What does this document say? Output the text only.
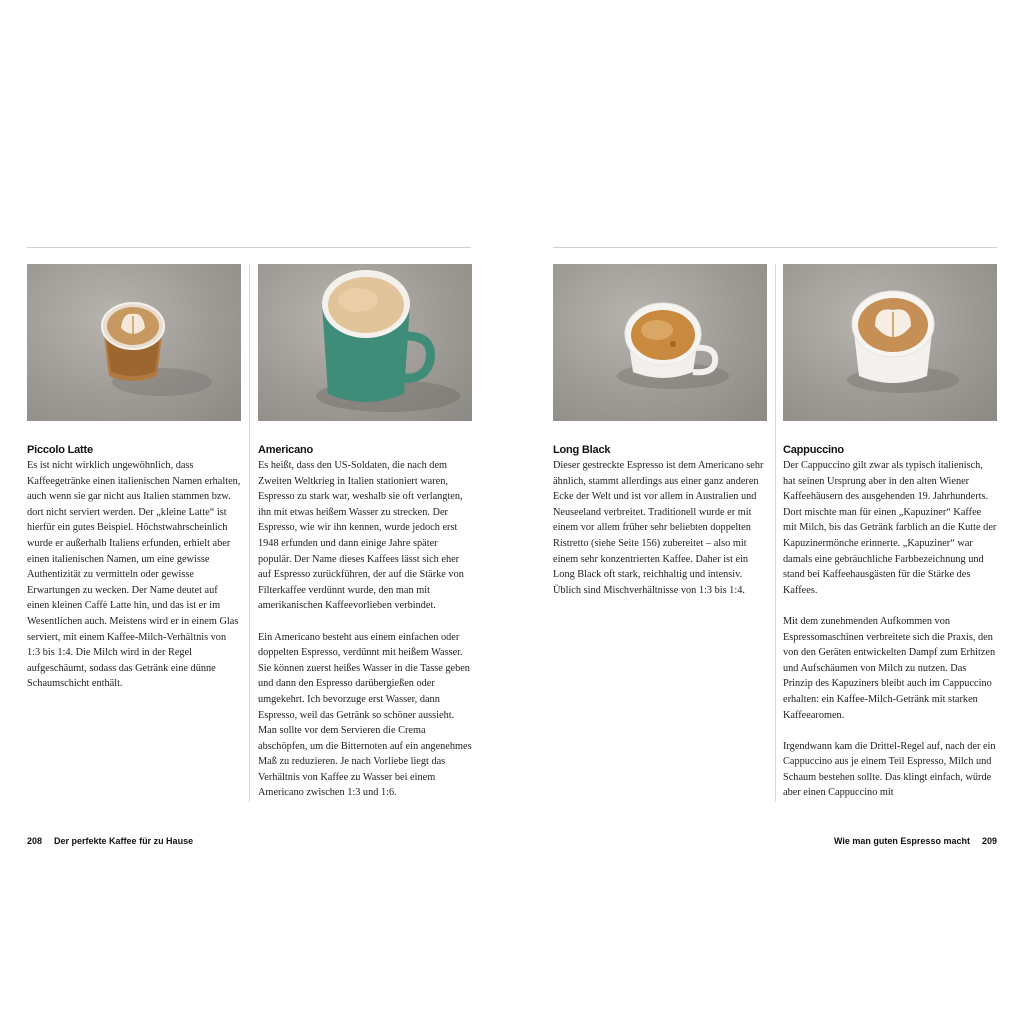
Piccolo Latte

Es ist nicht wirklich ungewöhnlich, dass Kaffeegetränke einen italienischen Namen erhalten, auch wenn sie gar nicht aus Italien stammen bzw. dort nicht serviert werden. Der „kleine Latte“ ist hierfür ein gutes Beispiel. Höchstwahrscheinlich wurde er außerhalb Italiens erfunden, erhielt aber einen italienischen Namen, um eine gewisse Authentizität zu vermitteln oder gewisse Erwartungen zu wecken. Der Name deutet auf einen kleinen Caffè Latte hin, und das ist er im Wesentlichen auch. Meistens wird er in einem Glas serviert, mit einem Kaffee-Milch-Verhältnis von 1:3 bis 1:4. Die Milch wird in der Regel aufgeschäumt, sodass das Getränk eine dünne Schaumschicht enthält.

Americano

Es heißt, dass den US-Soldaten, die nach dem Zweiten Weltkrieg in Italien stationiert waren, Espresso zu stark war, weshalb sie oft verlangten, ihn mit etwas heißem Wasser zu strecken. Der Espresso, wie wir ihn kennen, wurde jedoch erst 1948 erfunden und dann einige Jahre später populär. Der Name dieses Kaffees lässt sich eher auf Espresso zurückführen, der auf die Stärke von Filterkaffee verdünnt wurde, den man mit amerikanischen Kaffeevorlieben verbindet.

Ein Americano besteht aus einem einfachen oder doppelten Espresso, verdünnt mit heißem Wasser. Sie können zuerst heißes Wasser in die Tasse geben und dann den Espresso darübergießen oder umgekehrt. Ich bevorzuge erst Wasser, dann Espresso, weil das Getränk so schöner aussieht. Man sollte vor dem Servieren die Crema abschöpfen, um die Bitternoten auf ein angenehmes Maß zu reduzieren. Je nach Vorliebe liegt das Verhältnis von Kaffee zu Wasser bei einem Americano zwischen 1:3 und 1:6.

Long Black

Dieser gestreckte Espresso ist dem Americano sehr ähnlich, stammt allerdings aus einer ganz anderen Ecke der Welt und ist vor allem in Australien und Neuseeland verbreitet. Traditionell wurde er mit einem vor allem früher sehr beliebten doppelten Ristretto (siehe Seite 156) zubereitet – also mit einem sehr konzentrierten Kaffee. Daher ist ein Long Black oft stark, reichhaltig und intensiv. Üblich sind Mischverhältnisse von 1:3 bis 1:4.

Cappuccino

Der Cappuccino gilt zwar als typisch italienisch, hat seinen Ursprung aber in den alten Wiener Kaffeehäusern des ausgehenden 19. Jahrhunderts. Dort mischte man für einen „Kapuziner“ Kaffee mit Milch, bis das Getränk farblich an die Kutte der Kapuzinermönche erinnerte. „Kapuziner“ war damals eine gebräuchliche Farbbezeichnung und stand bei Kaffeehausgästen für die Stärke des Kaffees.

Mit dem zunehmenden Aufkommen von Espressomaschinen verbreitete sich die Praxis, den von den Geräten entwickelten Dampf zum Erhitzen und Aufschäumen von Milch zu nutzen. Das Prinzip des Kapuziners bleibt auch im Cappuccino erhalten: ein Kaffee-Milch-Getränk mit starken Kaffeearomen.

Irgendwann kam die Drittel-Regel auf, nach der ein Cappuccino aus je einem Teil Espresso, Milch und Schaum bestehen sollte. Das klingt einfach, würde aber einen Cappuccino mit

208 Der perfekte Kaffee für zu Hause	Wie man guten Espresso macht 209
